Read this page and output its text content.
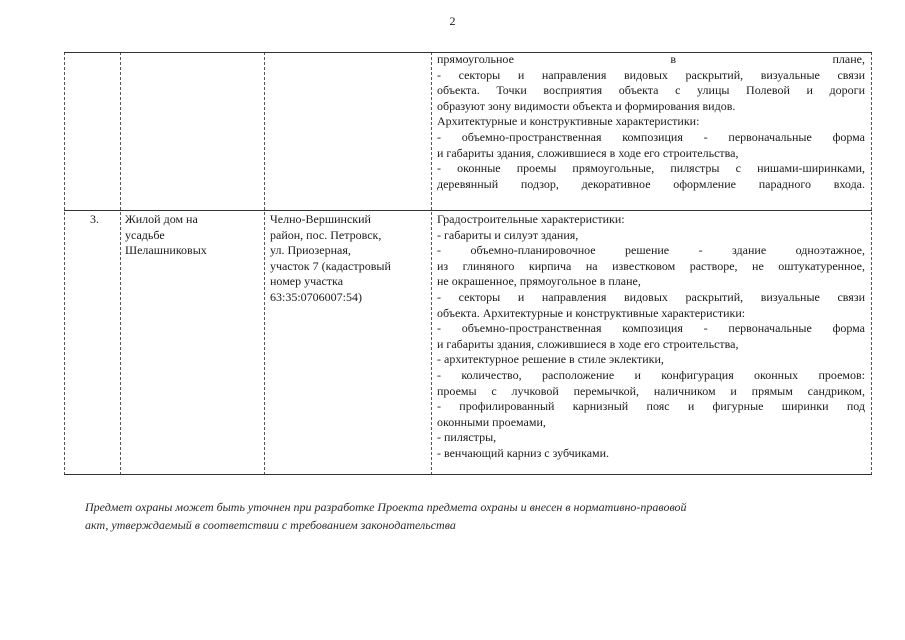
2
прямоугольное в плане,
- секторы и направления видовых раскрытий, визуальные связи
объекта. Точки восприятия объекта с улицы Полевой и дороги
образуют зону видимости объекта и формирования видов.
Архитектурные и конструктивные характеристики:
- объемно-пространственная композиция - первоначальные форма
и габариты здания, сложившиеся в ходе его строительства,
- оконные проемы прямоугольные, пилястры с нишами-ширинками,
деревянный подзор, декоративное оформление парадного входа.
3.	Жилой дом на
усадьбе
Шелашниковых
Челно-Вершинский
район, пос. Петровск,
ул. Приозерная,
участок 7 (кадастровый
номер участка
63:35:0706007:54)
Градостроительные характеристики:
- габариты и силуэт здания,
- объемно-планировочное решение - здание одноэтажное,
из глиняного кирпича на известковом растворе, не оштукатуренное,
не окрашенное, прямоугольное в плане,
- секторы и направления видовых раскрытий, визуальные связи
объекта. Архитектурные и конструктивные характеристики:
- объемно-пространственная композиция - первоначальные форма
и габариты здания, сложившиеся в ходе его строительства,
- архитектурное решение в стиле эклектики,
- количество, расположение и конфигурация оконных проемов:
проемы с лучковой перемычкой, наличником и прямым сандриком,
- профилированный карнизный пояс и фигурные ширинки под
оконными проемами,
- пилястры,
- венчающий карниз с зубчиками.
Предмет охраны может быть уточнен при разработке Проекта предмета охраны и внесен в нормативно-правовой
акт, утверждаемый в соответствии с требованием законодательства
